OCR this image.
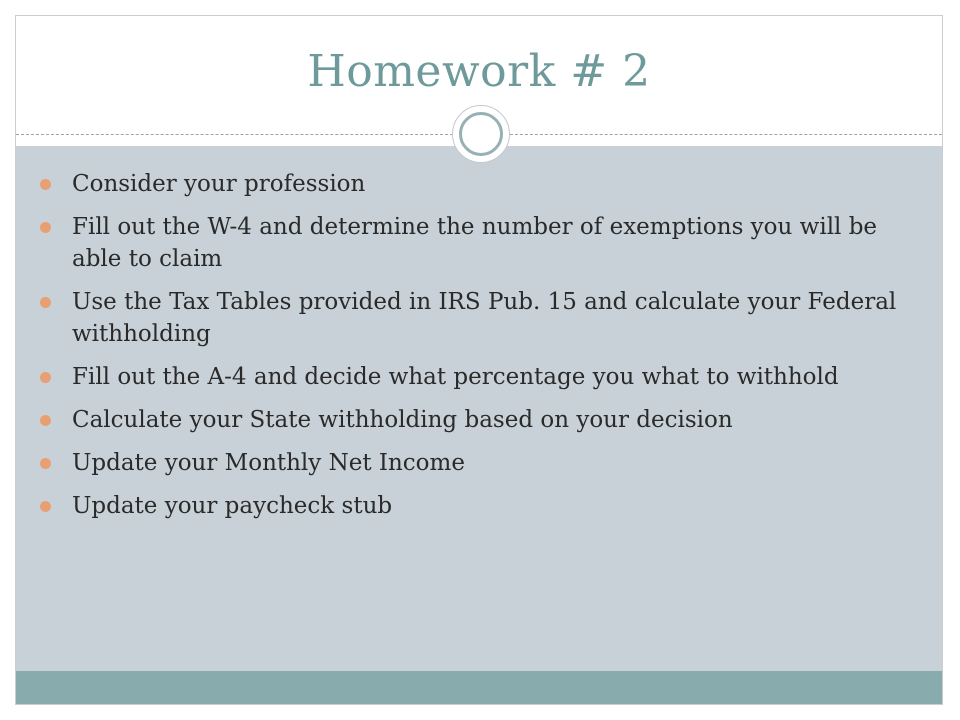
Homework # 2
Consider your profession
Fill out the W-4 and determine the number of exemptions you will be able to claim
Use the Tax Tables provided in IRS Pub. 15 and calculate your Federal withholding
Fill out the A-4 and decide what percentage you what to withhold
Calculate your State withholding based on your decision
Update your Monthly Net Income
Update your paycheck stub
